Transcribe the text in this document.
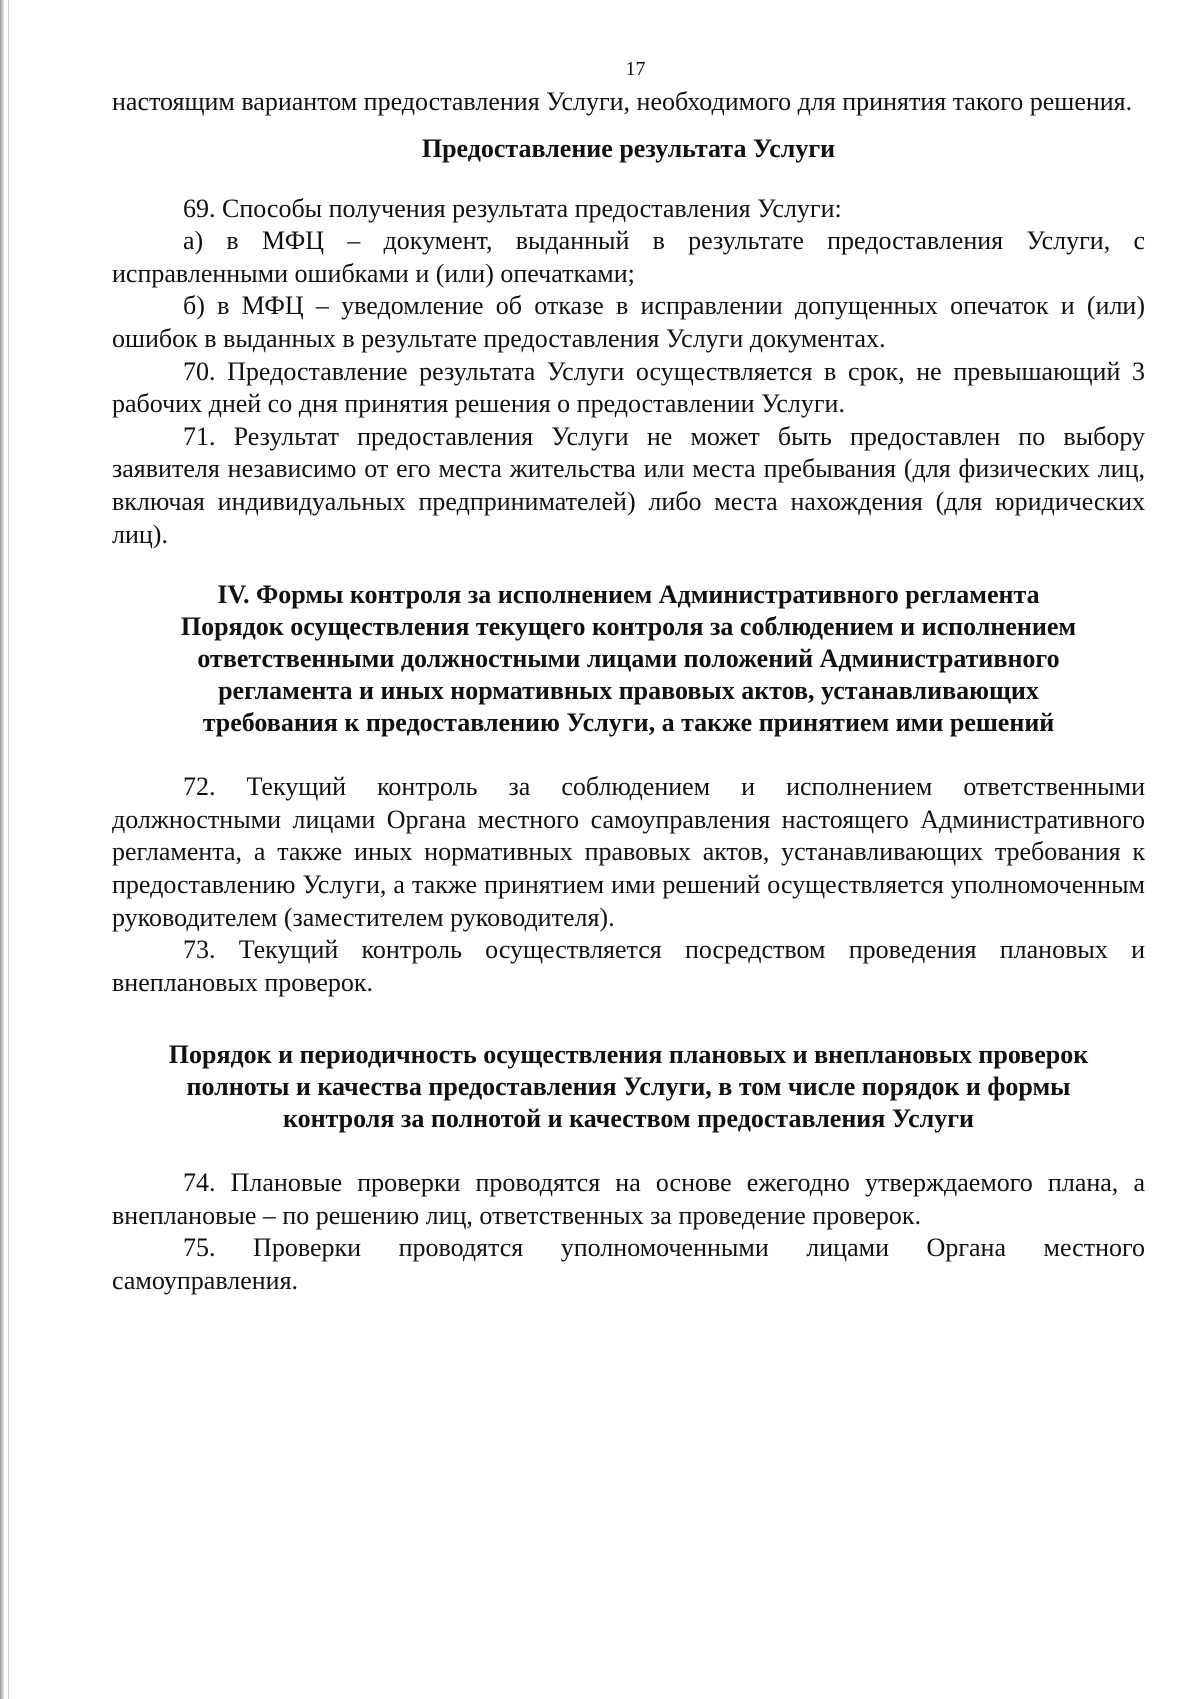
17

настоящим вариантом предоставления Услуги, необходимого для принятия такого решения.

Предоставление результата Услуги

69. Способы получения результата предоставления Услуги:

а) в МФЦ – документ, выданный в результате предоставления Услуги, с исправленными ошибками и (или) опечатками;

б) в МФЦ – уведомление об отказе в исправлении допущенных опечаток и (или) ошибок в выданных в результате предоставления Услуги документах.

70. Предоставление результата Услуги осуществляется в срок, не превышающий 3 рабочих дней со дня принятия решения о предоставлении Услуги.

71. Результат предоставления Услуги не может быть предоставлен по выбору заявителя независимо от его места жительства или места пребывания (для физических лиц, включая индивидуальных предпринимателей) либо места нахождения (для юридических лиц).

IV. Формы контроля за исполнением Административного регламента
Порядок осуществления текущего контроля за соблюдением и исполнением
ответственными должностными лицами положений Административного
регламента и иных нормативных правовых актов, устанавливающих
требования к предоставлению Услуги, а также принятием ими решений

72. Текущий контроль за соблюдением и исполнением ответственными должностными лицами Органа местного самоуправления настоящего Административного регламента, а также иных нормативных правовых актов, устанавливающих требования к предоставлению Услуги, а также принятием ими решений осуществляется уполномоченным руководителем (заместителем руководителя).

73. Текущий контроль осуществляется посредством проведения плановых и внеплановых проверок.

Порядок и периодичность осуществления плановых и внеплановых проверок
полноты и качества предоставления Услуги, в том числе порядок и формы
контроля за полнотой и качеством предоставления Услуги

74. Плановые проверки проводятся на основе ежегодно утверждаемого плана, а внеплановые – по решению лиц, ответственных за проведение проверок.

75. Проверки проводятся уполномоченными лицами Органа местного самоуправления.
